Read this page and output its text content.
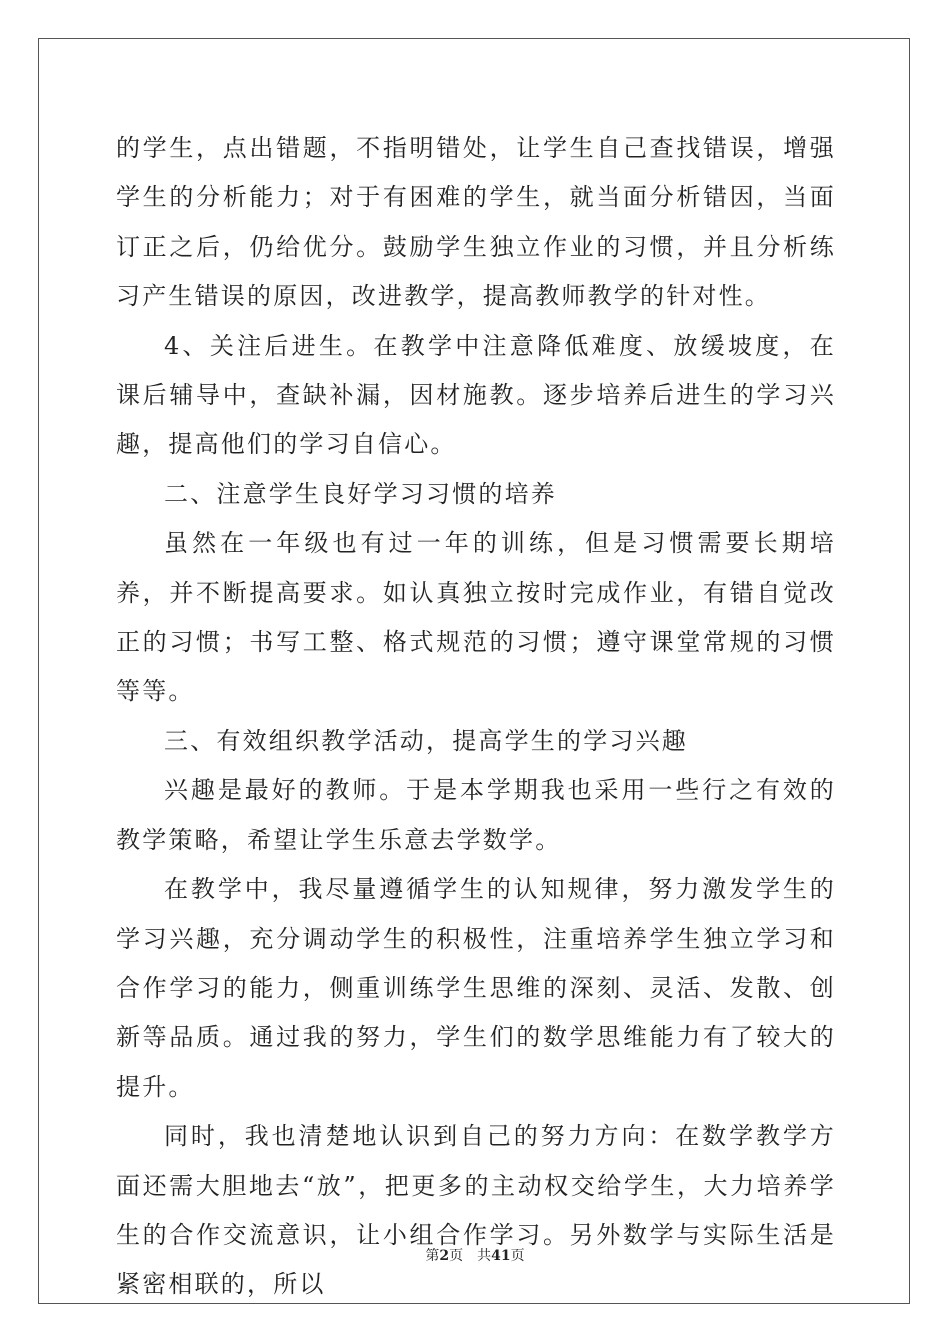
的学生，点出错题，不指明错处，让学生自己查找错误，增强学生的分析能力；对于有困难的学生，就当面分析错因，当面订正之后，仍给优分。鼓励学生独立作业的习惯，并且分析练习产生错误的原因，改进教学，提高教师教学的针对性。

4、关注后进生。在教学中注意降低难度、放缓坡度，在课后辅导中，查缺补漏，因材施教。逐步培养后进生的学习兴趣，提高他们的学习自信心。

二、注意学生良好学习习惯的培养

虽然在一年级也有过一年的训练，但是习惯需要长期培养，并不断提高要求。如认真独立按时完成作业，有错自觉改正的习惯；书写工整、格式规范的习惯；遵守课堂常规的习惯等等。

三、有效组织教学活动，提高学生的学习兴趣

兴趣是最好的教师。于是本学期我也采用一些行之有效的教学策略，希望让学生乐意去学数学。

在教学中，我尽量遵循学生的认知规律，努力激发学生的学习兴趣，充分调动学生的积极性，注重培养学生独立学习和合作学习的能力，侧重训练学生思维的深刻、灵活、发散、创新等品质。通过我的努力，学生们的数学思维能力有了较大的提升。

同时，我也清楚地认识到自己的努力方向：在数学教学方面还需大胆地去“放”，把更多的主动权交给学生，大力培养学生的合作交流意识，让小组合作学习。另外数学与实际生活是紧密相联的，所以

第2页 共41页
